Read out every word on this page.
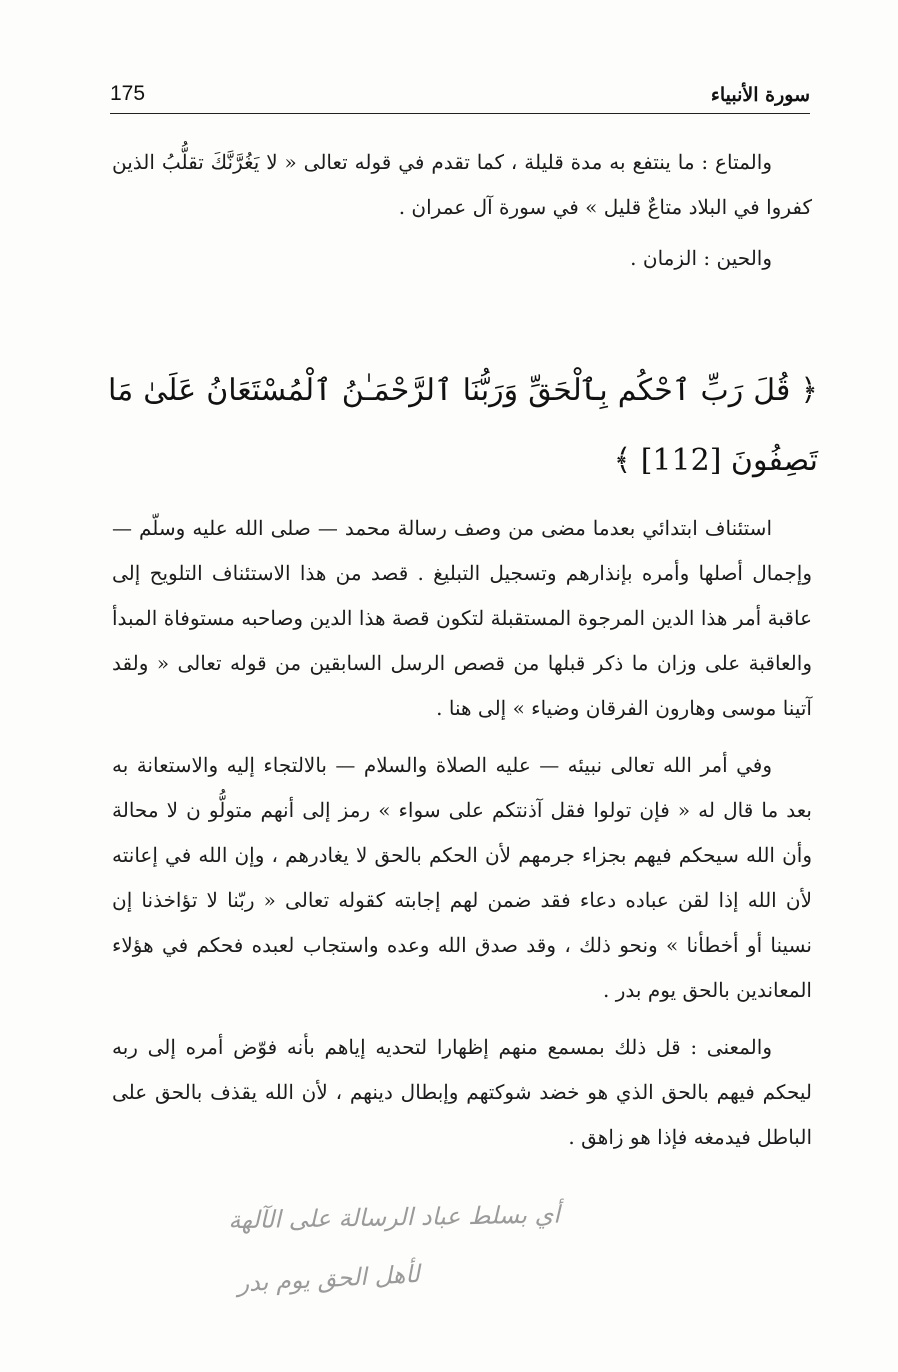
175	سورة الأنبياء

والمتاع : ما ينتفع به مدة قليلة ، كما تقدم في قوله تعالى « لا يَغُرَّنَّكَ تقلُّبُ الذين كفروا في البلاد متاعٌ قليل » في سورة آل عمران .

والحين : الزمان .

﴿ قُلَ رَبِّ ٱحْكُم بِٱلْحَقِّ وَرَبُّنَا ٱلرَّحْمَـٰنُ ٱلْمُسْتَعَانُ عَلَىٰ مَا تَصِفُونَ [112] ﴾

استئناف ابتدائي بعدما مضى من وصف رسالة محمد — صلى الله عليه وسلّم — وإجمال أصلها وأمره بإنذارهم وتسجيل التبليغ . قصد من هذا الاستئناف التلويح إلى عاقبة أمر هذا الدين المرجوة المستقبلة لتكون قصة هذا الدين وصاحبه مستوفاة المبدأ والعاقبة على وزان ما ذكر قبلها من قصص الرسل السابقين من قوله تعالى « ولقد آتينا موسى وهارون الفرقان وضياء » إلى هنا .

وفي أمر الله تعالى نبيئه — عليه الصلاة والسلام — بالالتجاء إليه والاستعانة به بعد ما قال له « فإن تولوا فقل آذنتكم على سواء » رمز إلى أنهم متولُّو ن لا محالة وأن الله سيحكم فيهم بجزاء جرمهم لأن الحكم بالحق لا يغادرهم ، وإن الله في إعانته لأن الله إذا لقن عباده دعاء فقد ضمن لهم إجابته كقوله تعالى « ربّنا لا تؤاخذنا إن نسينا أو أخطأنا » ونحو ذلك ، وقد صدق الله وعده واستجاب لعبده فحكم في هؤلاء المعاندين بالحق يوم بدر .

والمعنى : قل ذلك بمسمع منهم إظهارا لتحديه إياهم بأنه فوّض أمره إلى ربه ليحكم فيهم بالحق الذي هو خضد شوكتهم وإبطال دينهم ، لأن الله يقذف بالحق على الباطل فيدمغه فإذا هو زاهق .

أي بسلط عباد الرسالة على الآلهة
لأهل الحق يوم بدر
